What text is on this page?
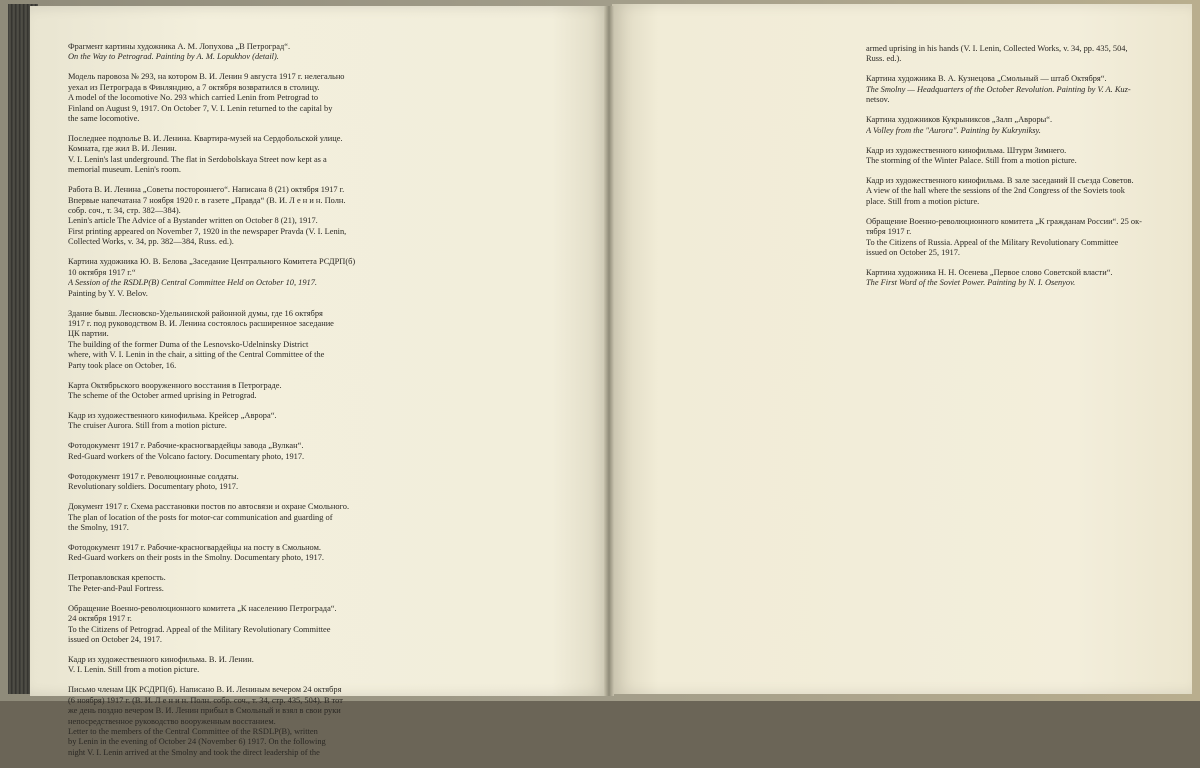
Фрагмент картины художника А. М. Лопухова „В Петроград“.
On the Way to Petrograd. Painting by A. M. Lopukhov (detail).
Модель паровоза № 293, на котором В. И. Ленин 9 августа 1917 г. нелегально
уехал из Петрограда в Финляндию, а 7 октября возвратился в столицу.
A model of the locomotive No. 293 which carried Lenin from Petrograd to
Finland on August 9, 1917. On October 7, V. I. Lenin returned to the capital by
the same locomotive.
Последнее подполье В. И. Ленина. Квартира-музей на Сердобольской улице.
Комната, где жил В. И. Ленин.
V. I. Lenin's last underground. The flat in Serdobolskaya Street now kept as a
memorial museum. Lenin's room.
Работа В. И. Ленина „Советы постороннего“. Написана 8 (21) октября 1917 г.
Впервые напечатана 7 ноября 1920 г. в газете „Правда“ (В. И. Л е н и н. Полн.
собр. соч., т. 34, стр. 382—384).
Lenin's article The Advice of a Bystander written on October 8 (21), 1917.
First printing appeared on November 7, 1920 in the newspaper Pravda (V. I. Lenin,
Collected Works, v. 34, pp. 382—384, Russ. ed.).
Картина художника Ю. В. Белова „Заседание Центрального Комитета РСДРП(б)
10 октября 1917 г.“
A Session of the RSDLP(B) Central Committee Held on October 10, 1917.
Painting by Y. V. Belov.
Здание бывш. Лесновско-Удельнинской районной думы, где 16 октября
1917 г. под руководством В. И. Ленина состоялось расширенное заседание
ЦК партии.
The building of the former Duma of the Lesnovsko-Udelninsky District
where, with V. I. Lenin in the chair, a sitting of the Central Committee of the
Party took place on October, 16.
Карта Октябрьского вооруженного восстания в Петрограде.
The scheme of the October armed uprising in Petrograd.
Кадр из художественного кинофильма. Крейсер „Аврора“.
The cruiser Aurora. Still from a motion picture.
Фотодокумент 1917 г. Рабочие-красногвардейцы завода „Вулкан“.
Red-Guard workers of the Volcano factory. Documentary photo, 1917.
Фотодокумент 1917 г. Революционные солдаты.
Revolutionary soldiers. Documentary photo, 1917.
Документ 1917 г. Схема расстановки постов по автосвязи и охране Смольного.
The plan of location of the posts for motor-car communication and guarding of
the Smolny, 1917.
Фотодокумент 1917 г. Рабочие-красногвардейцы на посту в Смольном.
Red-Guard workers on their posts in the Smolny. Documentary photo, 1917.
Петропавловская крепость.
The Peter-and-Paul Fortress.
Обращение Военно-революционного комитета „К населению Петрограда“.
24 октября 1917 г.
To the Citizens of Petrograd. Appeal of the Military Revolutionary Committee
issued on October 24, 1917.
Кадр из художественного кинофильма. В. И. Ленин.
V. I. Lenin. Still from a motion picture.
Письмо членам ЦК РСДРП(б). Написано В. И. Лениным вечером 24 октября
(6 ноября) 1917 г. (В. И. Л е н и н. Полн. собр. соч., т. 34, стр. 435, 504). В тот
же день поздно вечером В. И. Ленин прибыл в Смольный и взял в свои руки
непосредственное руководство вооруженным восстанием.
Letter to the members of the Central Committee of the RSDLP(B), written
by Lenin in the evening of October 24 (November 6) 1917. On the following
night V. I. Lenin arrived at the Smolny and took the direct leadership of the
armed uprising in his hands (V. I. Lenin, Collected Works, v. 34, pp. 435, 504,
Russ. ed.).
Картина художника В. А. Кузнецова „Смольный — штаб Октября“.
The Smolny — Headquarters of the October Revolution. Painting by V. A. Kuz-
netsov.
Картина художников Кукрыниксов „Залп „Авроры“.
A Volley from the "Aurora". Painting by Kukryniksy.
Кадр из художественного кинофильма. Штурм Зимнего.
The storming of the Winter Palace. Still from a motion picture.
Кадр из художественного кинофильма. В зале заседаний II съезда Советов.
A view of the hall where the sessions of the 2nd Congress of the Soviets took
place. Still from a motion picture.
Обращение Военно-революционного комитета „К гражданам России“. 25 ок-
тября 1917 г.
To the Citizens of Russia. Appeal of the Military Revolutionary Committee
issued on October 25, 1917.
Картина художника Н. Н. Осенева „Первое слово Советской власти“.
The First Word of the Soviet Power. Painting by N. I. Osenyov.
